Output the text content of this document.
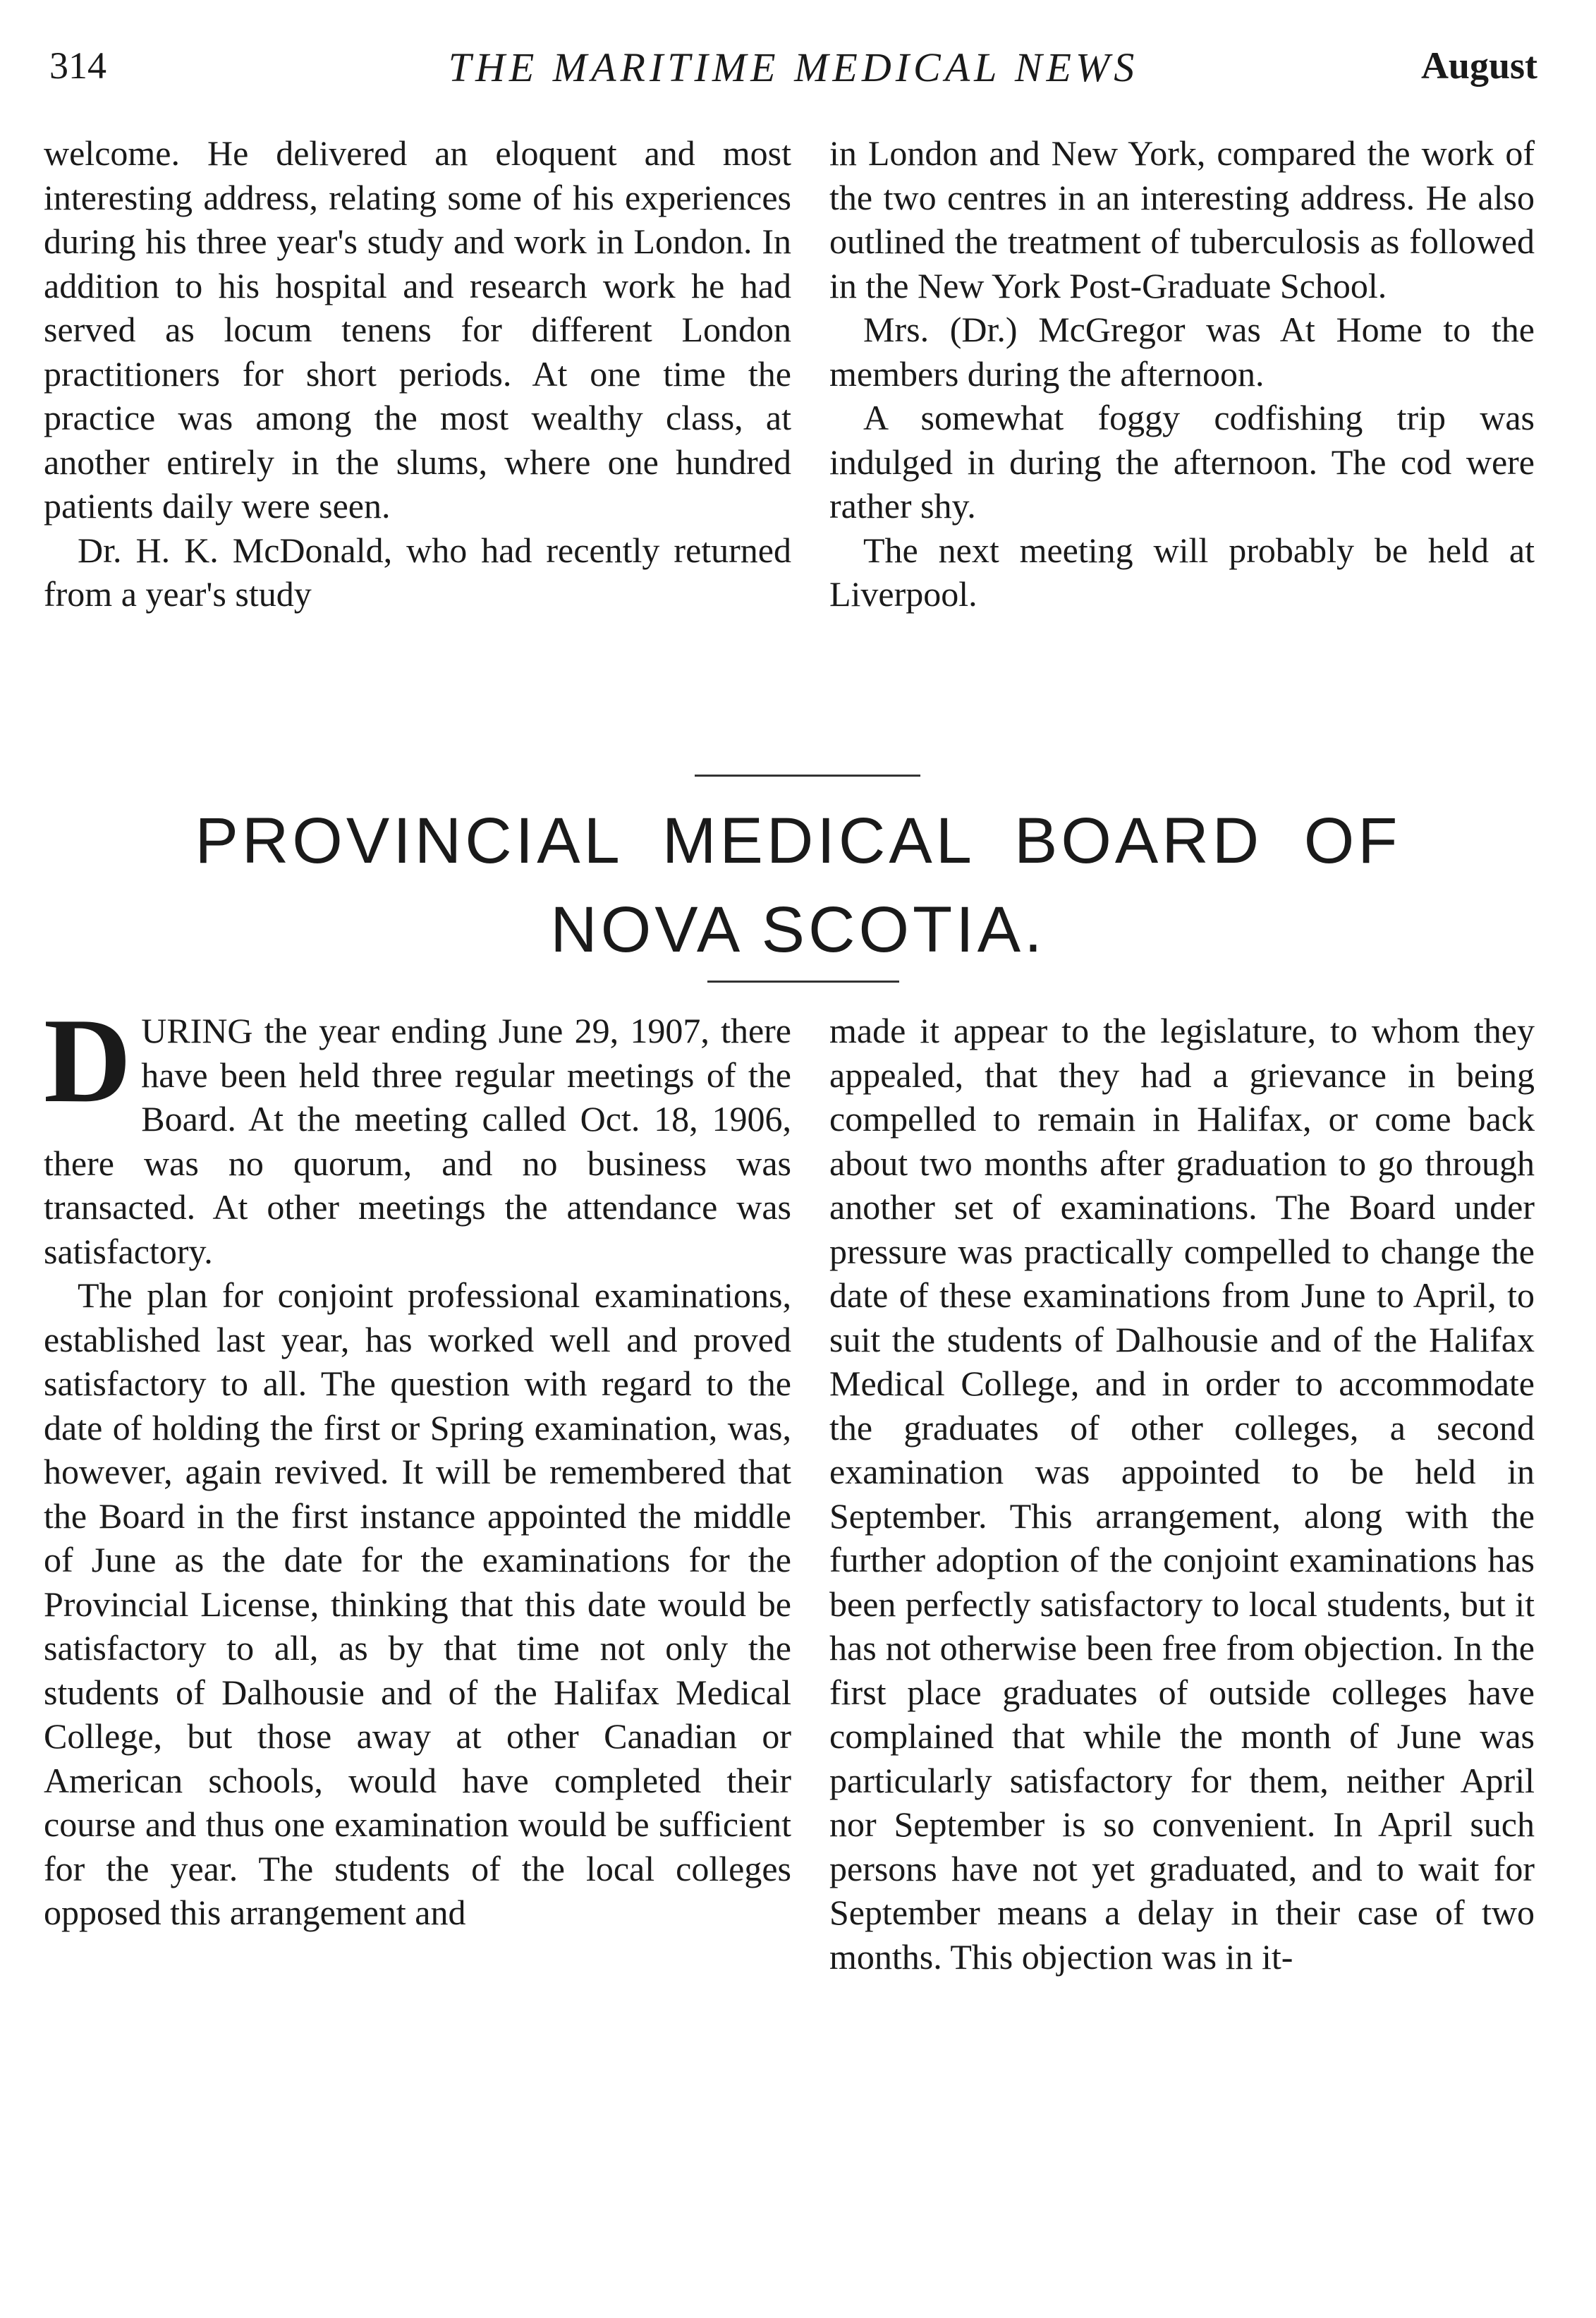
314	THE MARITIME MEDICAL NEWS	August

welcome. He delivered an eloquent and most interesting address, relating some of his experiences during his three year's study and work in London. In addition to his hospital and research work he had served as locum tenens for different London practitioners for short periods. At one time the practice was among the most wealthy class, at another entirely in the slums, where one hundred patients daily were seen.

Dr. H. K. McDonald, who had recently returned from a year's study

in London and New York, compared the work of the two centres in an interesting address. He also outlined the treatment of tuberculosis as followed in the New York Post-Graduate School.

Mrs. (Dr.) McGregor was At Home to the members during the afternoon.

A somewhat foggy codfishing trip was indulged in during the afternoon. The cod were rather shy.

The next meeting will probably be held at Liverpool.

PROVINCIAL MEDICAL BOARD OF
NOVA SCOTIA.

DURING the year ending June 29, 1907, there have been held three regular meetings of the Board. At the meeting called Oct. 18, 1906, there was no quorum, and no business was transacted. At other meetings the attendance was satisfactory.

The plan for conjoint professional examinations, established last year, has worked well and proved satisfactory to all. The question with regard to the date of holding the first or Spring examination, was, however, again revived. It will be remembered that the Board in the first instance appointed the middle of June as the date for the examinations for the Provincial License, thinking that this date would be satisfactory to all, as by that time not only the students of Dalhousie and of the Halifax Medical College, but those away at other Canadian or American schools, would have completed their course and thus one examination would be sufficient for the year. The students of the local colleges opposed this arrangement and

made it appear to the legislature, to whom they appealed, that they had a grievance in being compelled to remain in Halifax, or come back about two months after graduation to go through another set of examinations. The Board under pressure was practically compelled to change the date of these examinations from June to April, to suit the students of Dalhousie and of the Halifax Medical College, and in order to accommodate the graduates of other colleges, a second examination was appointed to be held in September. This arrangement, along with the further adoption of the conjoint examinations has been perfectly satisfactory to local students, but it has not otherwise been free from objection. In the first place graduates of outside colleges have complained that while the month of June was particularly satisfactory for them, neither April nor September is so convenient. In April such persons have not yet graduated, and to wait for September means a delay in their case of two months. This objection was in it-
